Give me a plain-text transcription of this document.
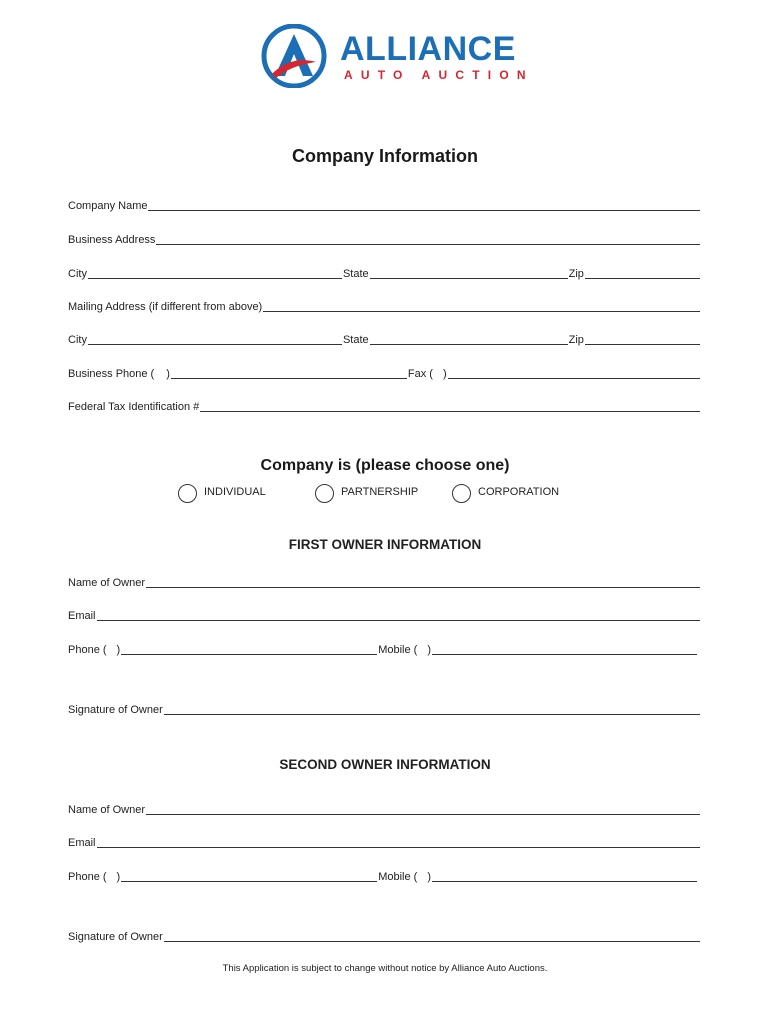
ALLIANCE
AUTO AUCTION
Company Information
Company Name
Business Address
City	State	Zip
Mailing Address (if different from above)
City	State	Zip
Business Phone ( )	Fax ( )
Federal Tax Identification #
Company is (please choose one)
INDIVIDUAL	PARTNERSHIP	CORPORATION
FIRST OWNER INFORMATION
Name of Owner
Email
Phone ( )	Mobile ( )
Signature of Owner
SECOND OWNER INFORMATION
Name of Owner
Email
Phone ( )	Mobile ( )
Signature of Owner
This Application is subject to change without notice by Alliance Auto Auctions.
